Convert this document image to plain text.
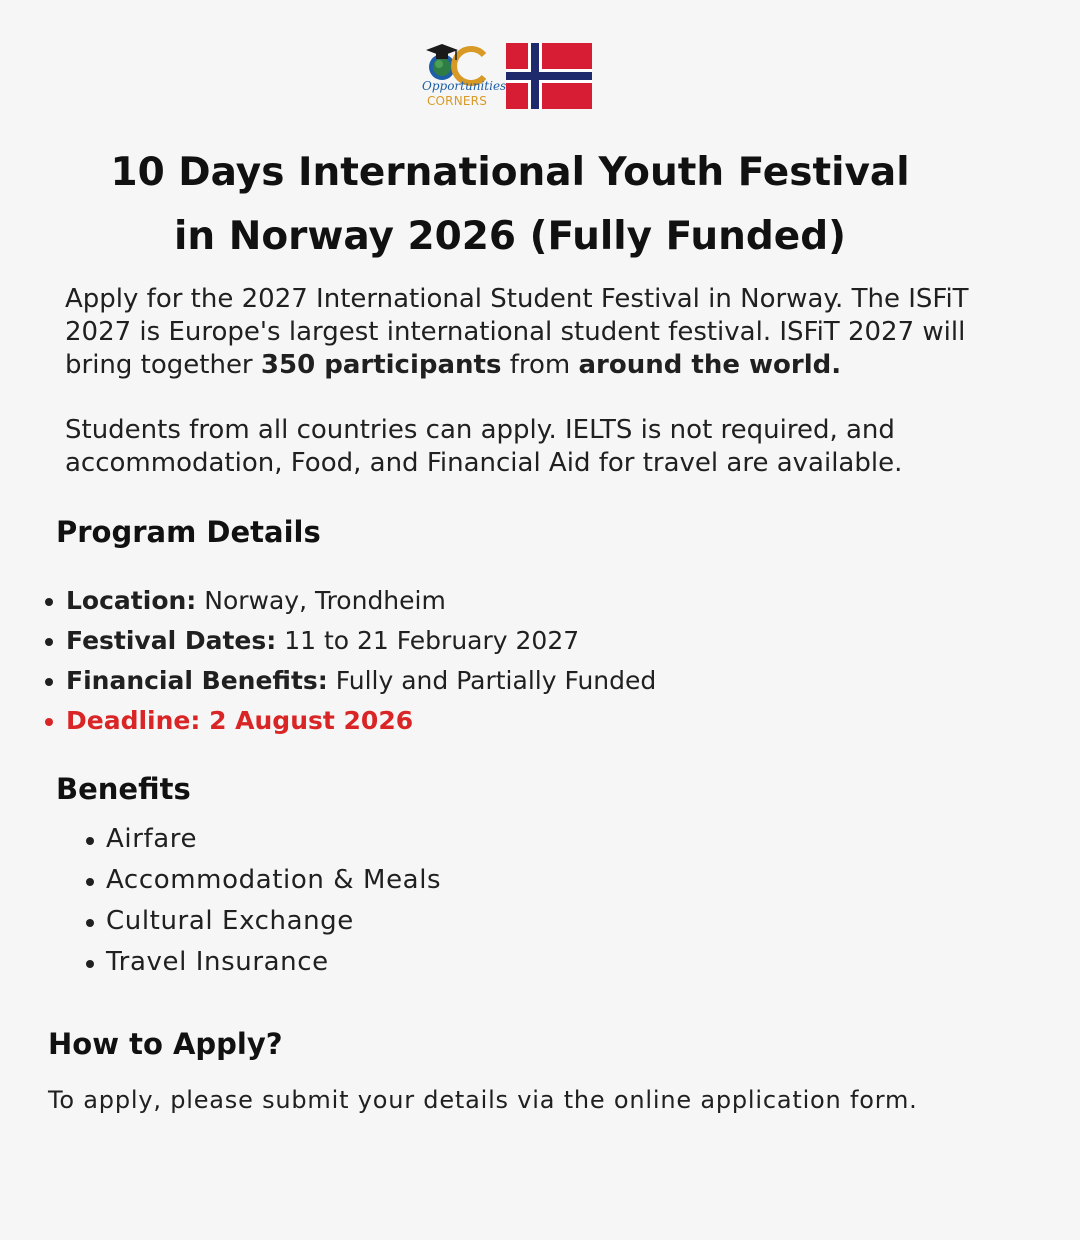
Opportunities
CORNERS
10 Days International Youth Festival
in Norway 2026 (Fully Funded)

Apply for the 2027 International Student Festival in Norway. The ISFiT 2027 is Europe's largest international student festival. ISFiT 2027 will bring together 350 participants from around the world.

Students from all countries can apply. IELTS is not required, and accommodation, Food, and Financial Aid for travel are available.

Program Details
Location: Norway, Trondheim
Festival Dates: 11 to 21 February 2027
Financial Benefits: Fully and Partially Funded
Deadline: 2 August 2026
Benefits
Airfare
Accommodation & Meals
Cultural Exchange
Travel Insurance
How to Apply?

To apply, please submit your details via the online application form.
